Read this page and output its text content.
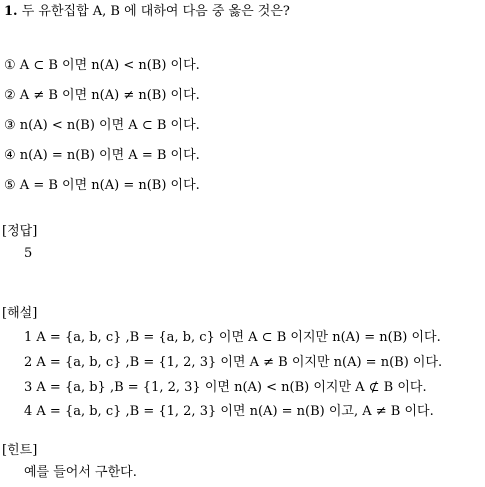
1. 두 유한집합 A, B 에 대하여 다음 중 옳은 것은?
① A ⊂ B 이면 n(A) < n(B) 이다.
② A ≠ B 이면 n(A) ≠ n(B) 이다.
③ n(A) < n(B) 이면 A ⊂ B 이다.
④ n(A) = n(B) 이면 A = B 이다.
⑤ A = B 이면 n(A) = n(B) 이다.
[정답]
5
[해설]
1 A = {a, b, c} ,B = {a, b, c} 이면 A ⊂ B 이지만 n(A) = n(B) 이다.
2 A = {a, b, c} ,B = {1, 2, 3} 이면 A ≠ B 이지만 n(A) = n(B) 이다.
3 A = {a, b} ,B = {1, 2, 3} 이면 n(A) < n(B) 이지만 A ⊄ B 이다.
4 A = {a, b, c} ,B = {1, 2, 3} 이면 n(A) = n(B) 이고, A ≠ B 이다.
[힌트]
예를 들어서 구한다.
